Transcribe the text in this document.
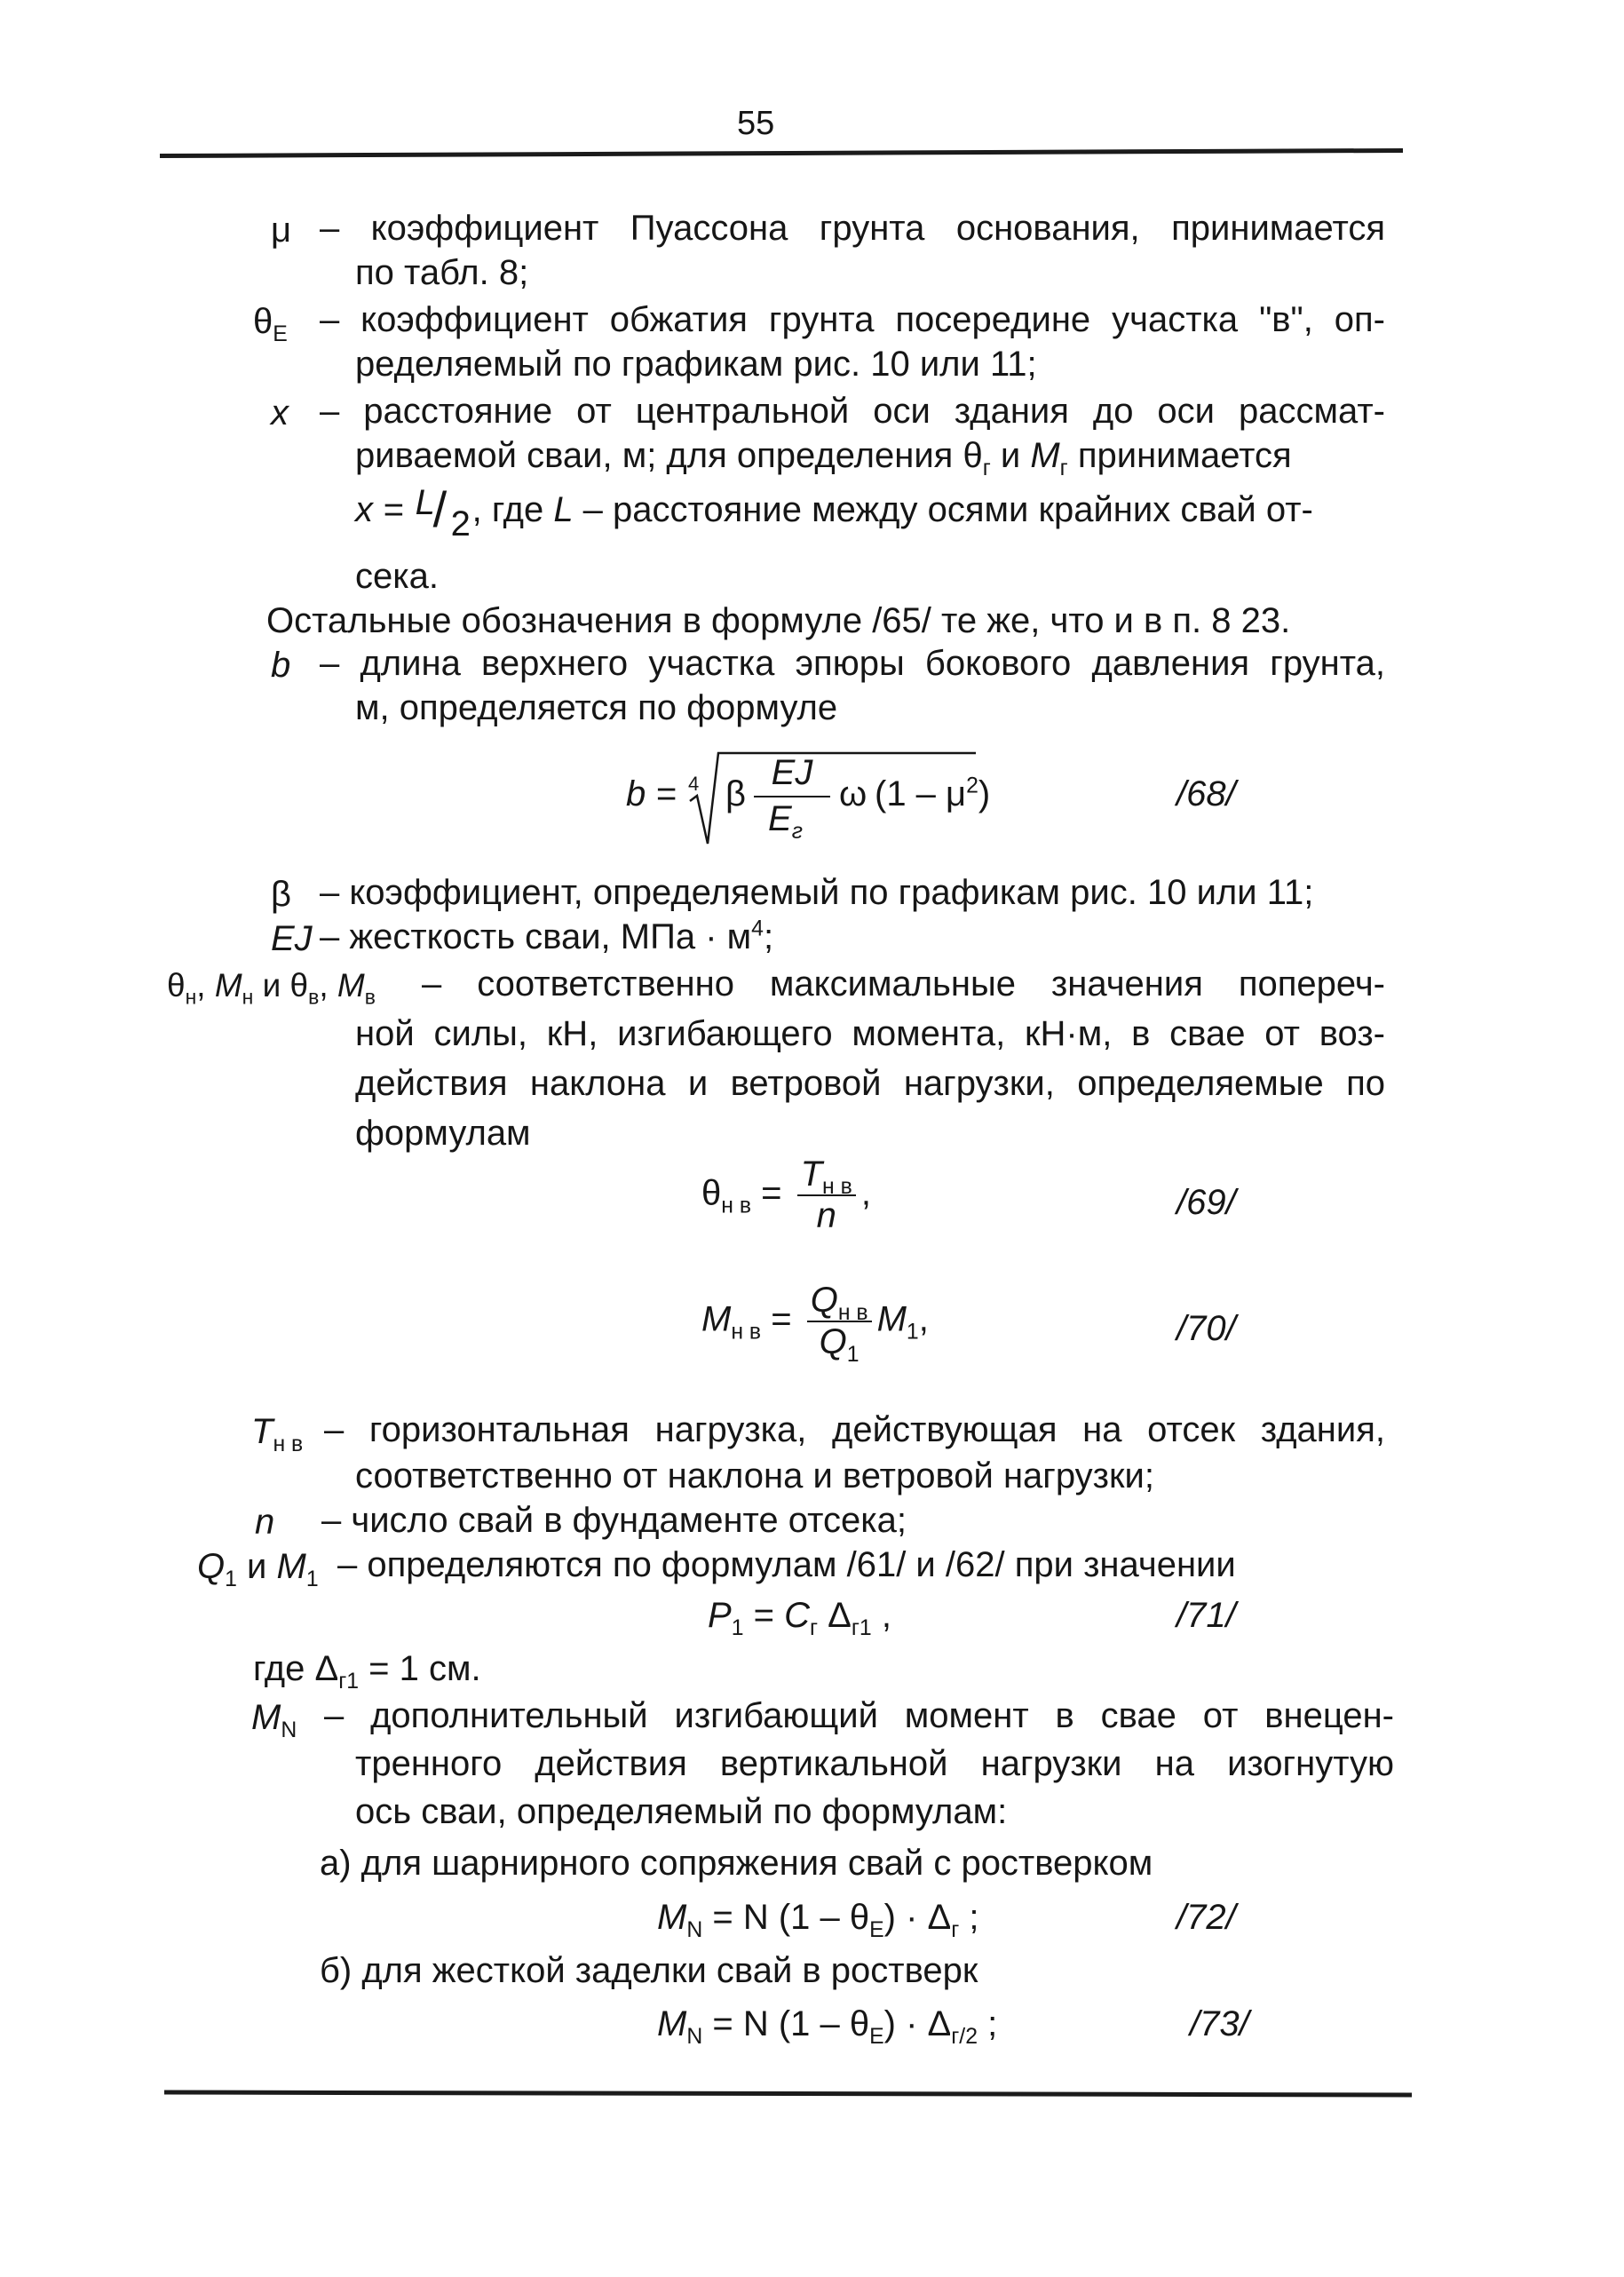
55
μ – коэффициент Пуассона грунта основания, принимается
по табл. 8;
$\theta_E$ – коэффициент обжатия грунта посередине участка "в", оп-
ределяемый по графикам рис. 10 или 11;
x – расстояние от центральной оси здания до оси рассмат-
риваемой сваи, м; для определения $\theta_г$ и $M_г$ принимается
x = L
/ 2 , где L – расстояние между осями крайних свай от-
сека.
Остальные обозначения в формуле /65/ те же, что и в п. 8 23.
b – длина верхнего участка эпюры бокового давления грунта,
м, определяется по формуле
b = 4 β
EJ
$E_г$
ω $(1 - \mu^2)$	/68/
β – коэффициент, определяемый по графикам рис. 10 или 11;
EJ – жесткость сваи, МПа · $м^4$;
$\theta_н$, $M_н$ и $\theta_в$, $M_в$ – соответственно максимальные значения попереч-
ной силы, кН, изгибающего момента, кН·м, в свае от воз-
действия наклона и ветровой нагрузки, определяемые по
формулам
$\theta_{н в} = \frac{T_{н в}}{n}$ ,	/69/
$M_{н в} = \frac{Q_{н в}}{Q_1} M_1$,	/70/
$T_{н в}$ – горизонтальная нагрузка, действующая на отсек здания,
соответственно от наклона и ветровой нагрузки;
n – число свай в фундаменте отсека;
$Q_1$ и $M_1$ – определяются по формулам /61/ и /62/ при значении
$P_1 = C_г$ $\Delta_{г1}$ ,	/71/
где $\Delta_{г1} = 1$ см.
$M_N$ – дополнительный изгибающий момент в свае от внецен-
тренного действия вертикальной нагрузки на изогнутую
ось сваи, определяемый по формулам:
а) для шарнирного сопряжения свай с ростверком
$M_N = N$ $(1 - \theta_E) \cdot \Delta_г$ ;	/72/
б) для жесткой заделки свай в ростверк
$M_N = N$ $(1 - \theta_E) \cdot \Delta_{г/2}$ ;	/73/
